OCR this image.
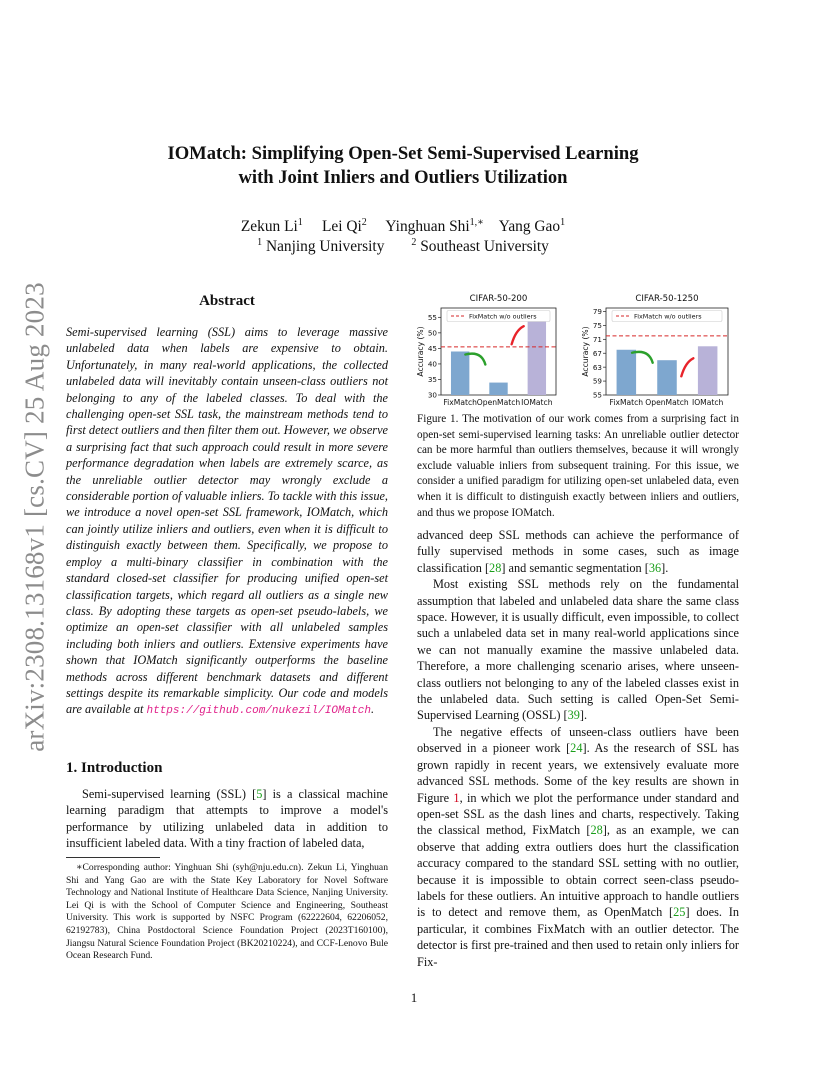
arXiv:2308.13168v1 [cs.CV] 25 Aug 2023
IOMatch: Simplifying Open-Set Semi-Supervised Learning
with Joint Inliers and Outliers Utilization
Zekun Li$^1$ Lei Qi$^2$ Yinghuan Shi$^{1,∗}$ Yang Gao$^1$
$^1$ Nanjing University	$^2$ Southeast University
Abstract
Semi-supervised learning (SSL) aims to leverage massive unlabeled data when labels are expensive to obtain. Unfortunately, in many real-world applications, the collected unlabeled data will inevitably contain unseen-class outliers not belonging to any of the labeled classes. To deal with the challenging open-set SSL task, the mainstream methods tend to first detect outliers and then filter them out. However, we observe a surprising fact that such approach could result in more severe performance degradation when labels are extremely scarce, as the unreliable outlier detector may wrongly exclude a considerable portion of valuable inliers. To tackle with this issue, we introduce a novel open-set SSL framework, IOMatch, which can jointly utilize inliers and outliers, even when it is difficult to distinguish exactly between them. Specifically, we propose to employ a multi-binary classifier in combination with the standard closed-set classifier for producing unified open-set classification targets, which regard all outliers as a single new class. By adopting these targets as open-set pseudo-labels, we optimize an open-set classifier with all unlabeled samples including both inliers and outliers. Extensive experiments have shown that IOMatch significantly outperforms the baseline methods across different benchmark datasets and different settings despite its remarkable simplicity. Our code and models are available at https://github.com/nukezil/IOMatch.
1. Introduction
Semi-supervised learning (SSL) [5] is a classical machine learning paradigm that attempts to improve a model's performance by utilizing unlabeled data in addition to insufficient labeled data. With a tiny fraction of labeled data,
∗Corresponding author: Yinghuan Shi (syh@nju.edu.cn). Zekun Li, Yinghuan Shi and Yang Gao are with the State Key Laboratory for Novel Software Technology and National Institute of Healthcare Data Science, Nanjing University. Lei Qi is with the School of Computer Science and Engineering, Southeast University. This work is supported by NSFC Program (62222604, 62206052, 62192783), China Postdoctoral Science Foundation Project (2023T160100), Jiangsu Natural Science Foundation Project (BK20210224), and CCF-Lenovo Bule Ocean Research Fund.
CIFAR-50-200
Accuracy (%)
30
35
40
45
50
55
FixMatch OpenMatch IOMatch
FixMatch w/o outliers
CIFAR-50-1250
Accuracy (%)
55
59
63
67
71
75
79
FixMatch OpenMatch IOMatch
FixMatch w/o outliers
Figure 1. The motivation of our work comes from a surprising fact in open-set semi-supervised learning tasks: An unreliable outlier detector can be more harmful than outliers themselves, because it will wrongly exclude valuable inliers from subsequent training. For this issue, we consider a unified paradigm for utilizing open-set unlabeled data, even when it is difficult to distinguish exactly between inliers and outliers, and thus we propose IOMatch.

advanced deep SSL methods can achieve the performance of fully supervised methods in some cases, such as image classification [28] and semantic segmentation [36].

Most existing SSL methods rely on the fundamental assumption that labeled and unlabeled data share the same class space. However, it is usually difficult, even impossible, to collect such a unlabeled data set in many real-world applications since we can not manually examine the massive unlabeled data. Therefore, a more challenging scenario arises, where unseen-class outliers not belonging to any of the labeled classes exist in the unlabeled data. Such setting is called Open-Set Semi-Supervised Learning (OSSL) [39].

The negative effects of unseen-class outliers have been observed in a pioneer work [24]. As the research of SSL has grown rapidly in recent years, we extensively evaluate more advanced SSL methods. Some of the key results are shown in Figure 1, in which we plot the performance under standard and open-set SSL as the dash lines and charts, respectively. Taking the classical method, FixMatch [28], as an example, we can observe that adding extra outliers does hurt the classification accuracy compared to the standard SSL setting with no outlier, because it is impossible to obtain correct seen-class pseudo-labels for these outliers. An intuitive approach to handle outliers is to detect and remove them, as OpenMatch [25] does. In particular, it combines FixMatch with an outlier detector. The detector is first pre-trained and then used to retain only inliers for Fix-

1
